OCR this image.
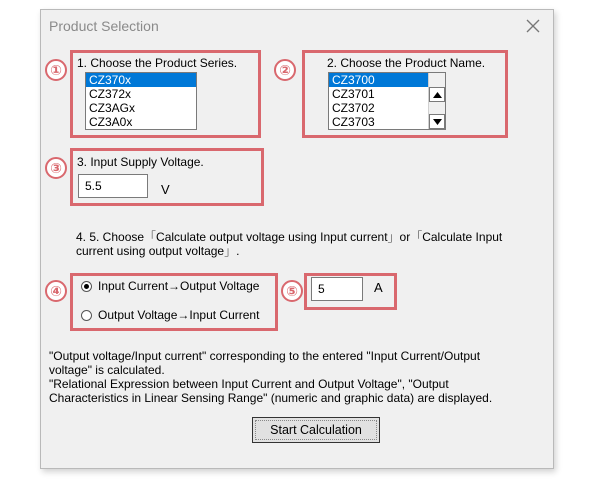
Product Selection
①	1. Choose the Product Series.
CZ370x
CZ372x
CZ3AGx
CZ3A0x
②	2. Choose the Product Name.
CZ3700
CZ3701
CZ3702
CZ3703
③	3. Input Supply Voltage.
5.5	V
4. 5. Choose「Calculate output voltage using Input current」or「Calculate Input
current using output voltage」.
④	Input Current→Output Voltage
Output Voltage→Input Current
⑤	5	A
"Output voltage/Input current" corresponding to the entered "Input Current/Output
voltage" is calculated.
"Relational Expression between Input Current and Output Voltage", "Output
Characteristics in Linear Sensing Range" (numeric and graphic data) are displayed.
Start Calculation
